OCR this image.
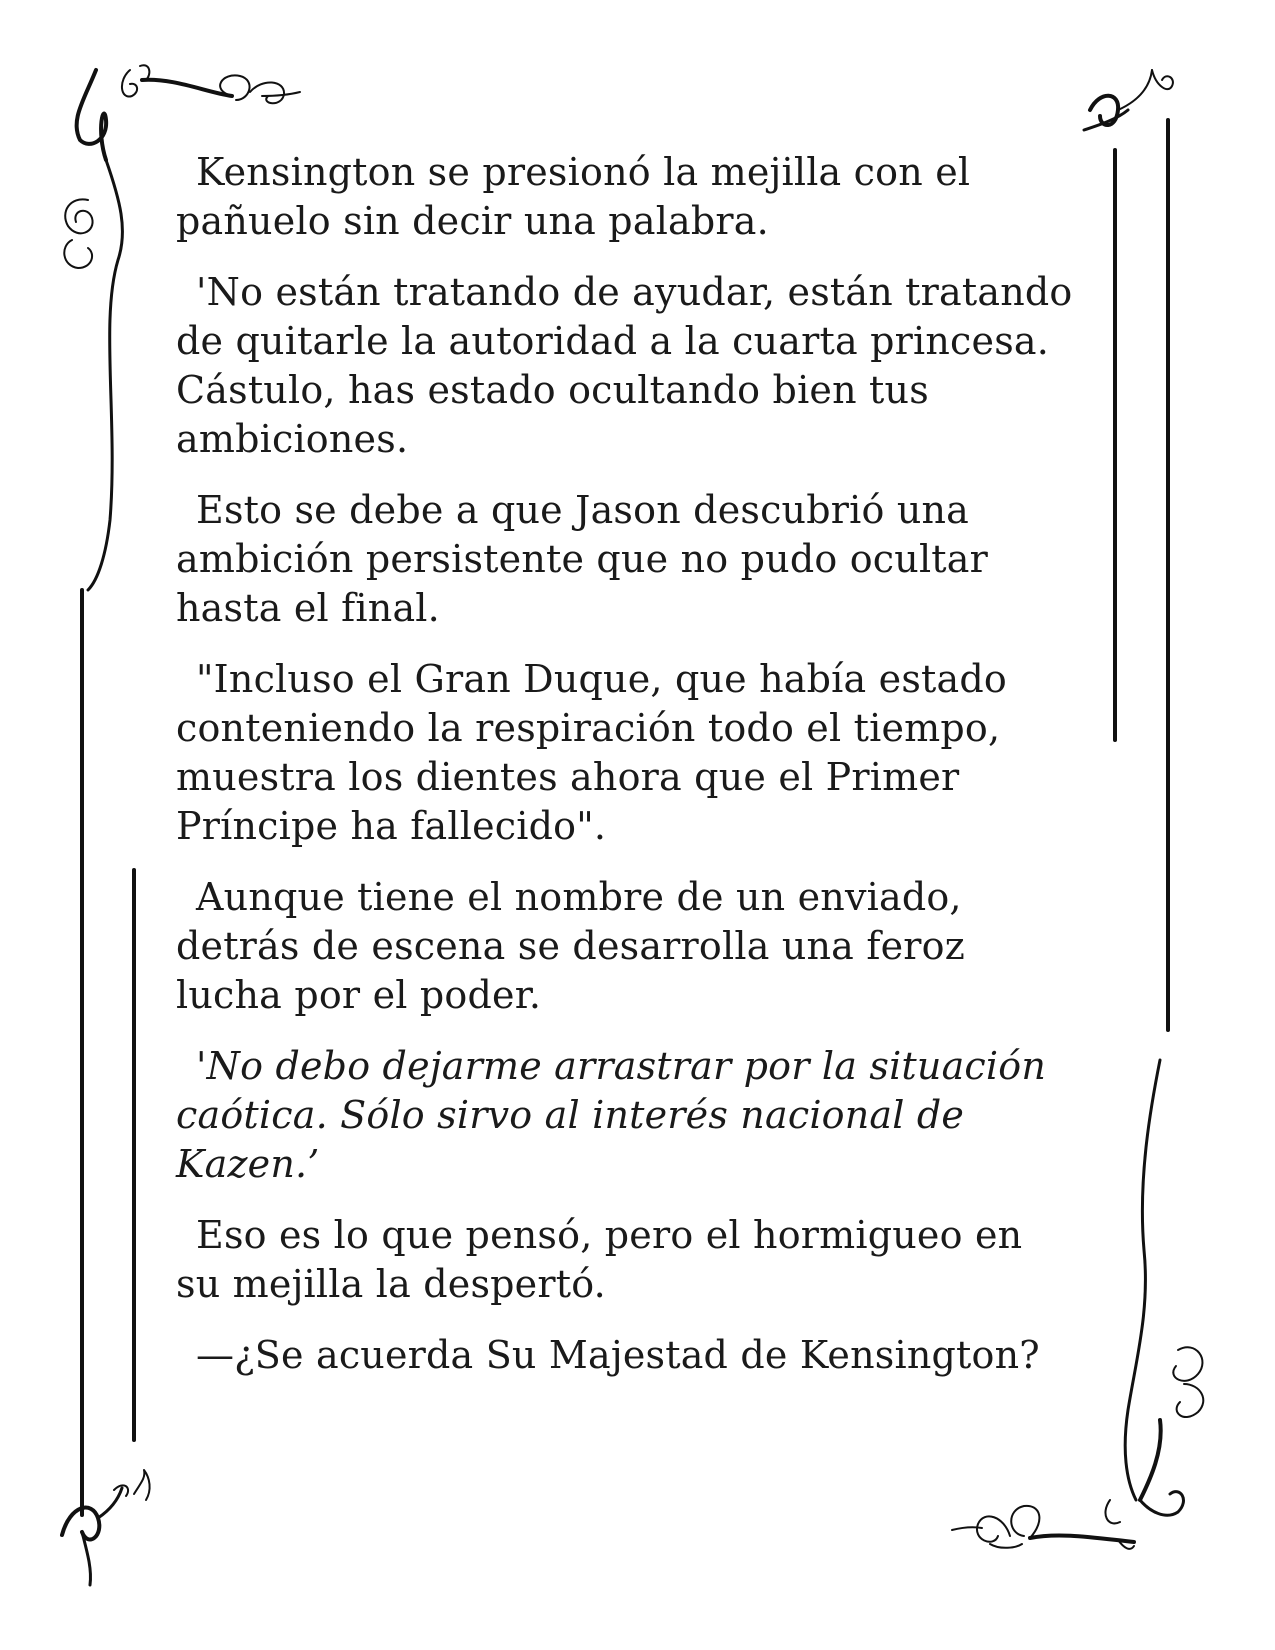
Kensington se presionó la mejilla con el pañuelo sin decir una palabra.

'No están tratando de ayudar, están tratando de quitarle la autoridad a la cuarta princesa. Cástulo, has estado ocultando bien tus ambiciones.

Esto se debe a que Jason descubrió una ambición persistente que no pudo ocultar hasta el final.

"Incluso el Gran Duque, que había estado conteniendo la respiración todo el tiempo, muestra los dientes ahora que el Primer Príncipe ha fallecido".

Aunque tiene el nombre de un enviado, detrás de escena se desarrolla una feroz lucha por el poder.

'No debo dejarme arrastrar por la situación caótica. Sólo sirvo al interés nacional de Kazen.’

Eso es lo que pensó, pero el hormigueo en su mejilla la despertó.

—¿Se acuerda Su Majestad de Kensington?
